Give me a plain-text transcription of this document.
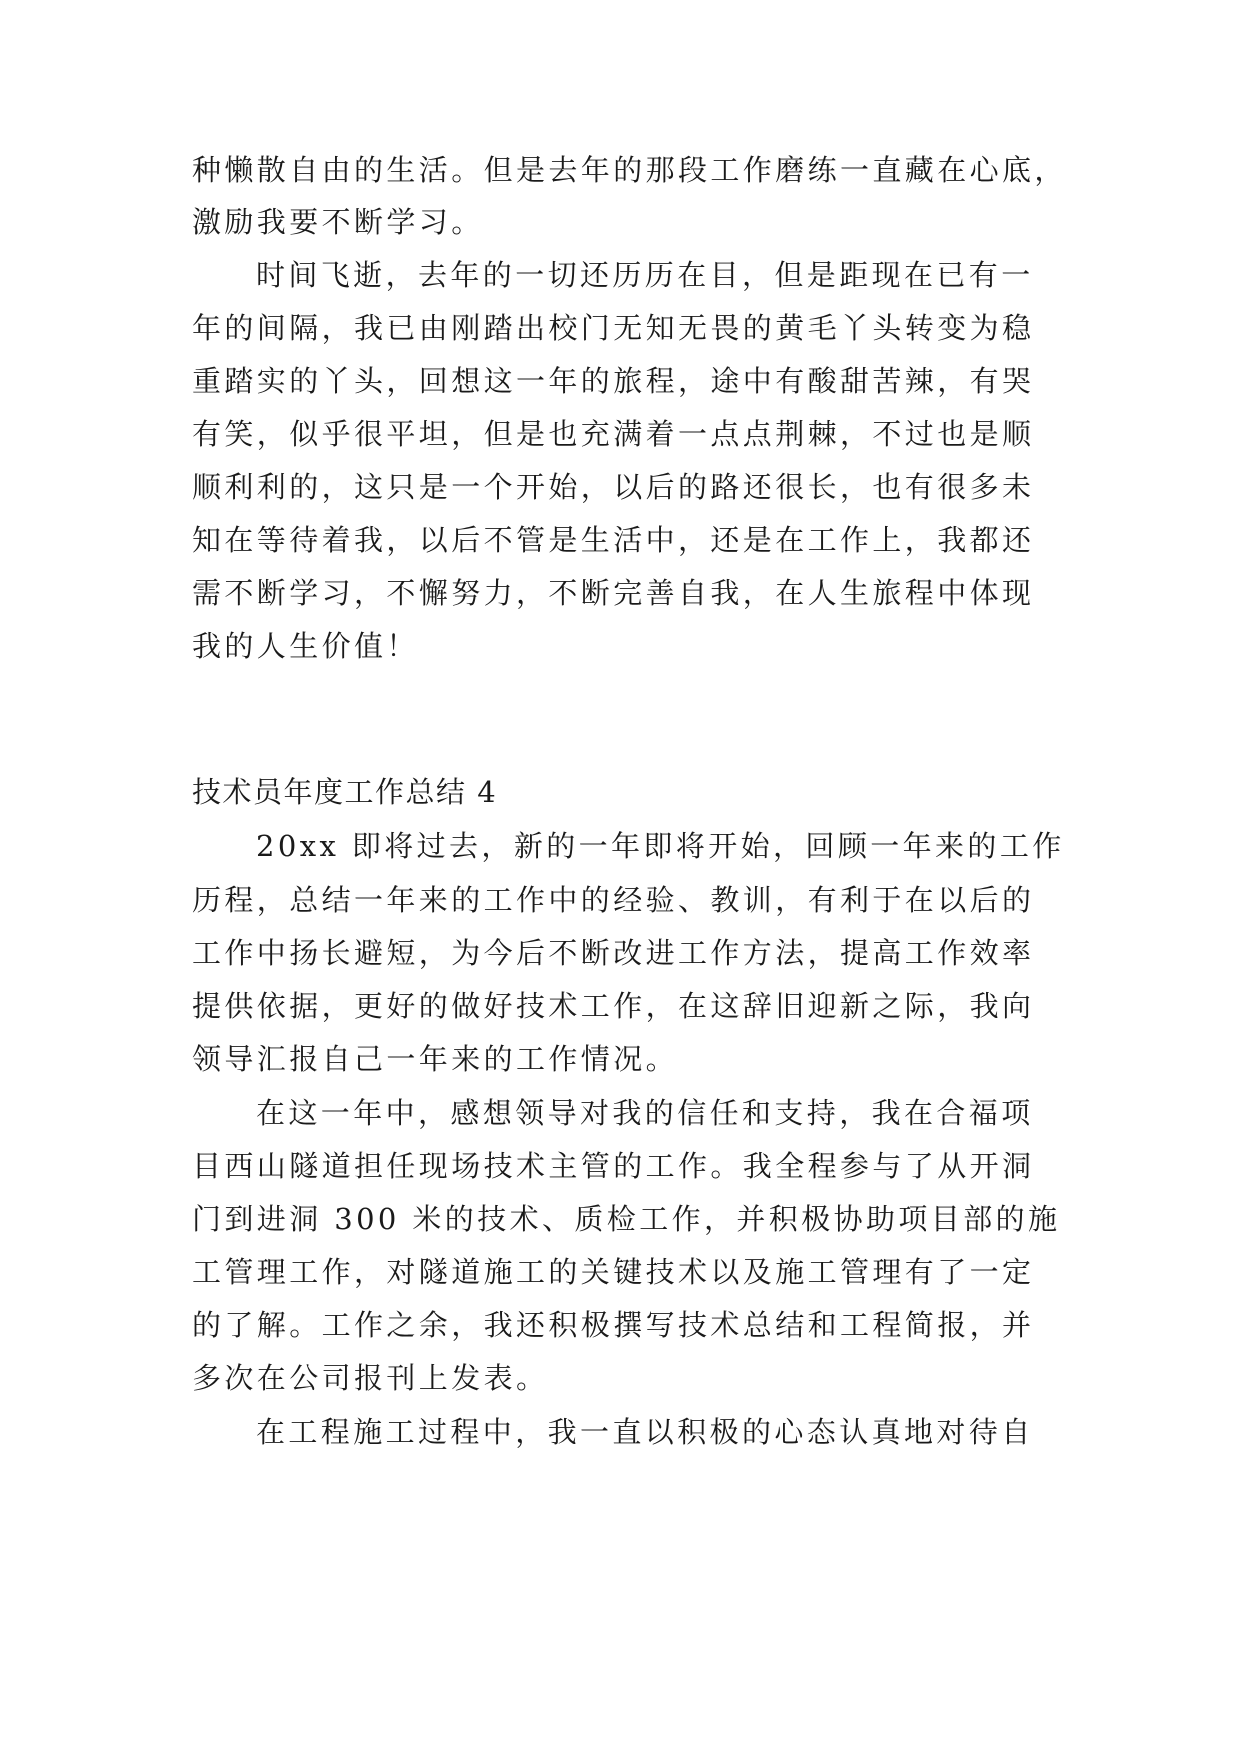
种懒散自由的生活。但是去年的那段工作磨练一直藏在心底，
激励我要不断学习。
时间飞逝，去年的一切还历历在目，但是距现在已有一
年的间隔，我已由刚踏出校门无知无畏的黄毛丫头转变为稳
重踏实的丫头，回想这一年的旅程，途中有酸甜苦辣，有哭
有笑，似乎很平坦，但是也充满着一点点荆棘，不过也是顺
顺利利的，这只是一个开始，以后的路还很长，也有很多未
知在等待着我，以后不管是生活中，还是在工作上，我都还
需不断学习，不懈努力，不断完善自我，在人生旅程中体现
我的人生价值！
技术员年度工作总结 4
20xx 即将过去，新的一年即将开始，回顾一年来的工作
历程，总结一年来的工作中的经验、教训，有利于在以后的
工作中扬长避短，为今后不断改进工作方法，提高工作效率
提供依据，更好的做好技术工作，在这辞旧迎新之际，我向
领导汇报自己一年来的工作情况。
在这一年中，感想领导对我的信任和支持，我在合福项
目西山隧道担任现场技术主管的工作。我全程参与了从开洞
门到进洞 300 米的技术、质检工作，并积极协助项目部的施
工管理工作，对隧道施工的关键技术以及施工管理有了一定
的了解。工作之余，我还积极撰写技术总结和工程简报，并
多次在公司报刊上发表。
在工程施工过程中，我一直以积极的心态认真地对待自
